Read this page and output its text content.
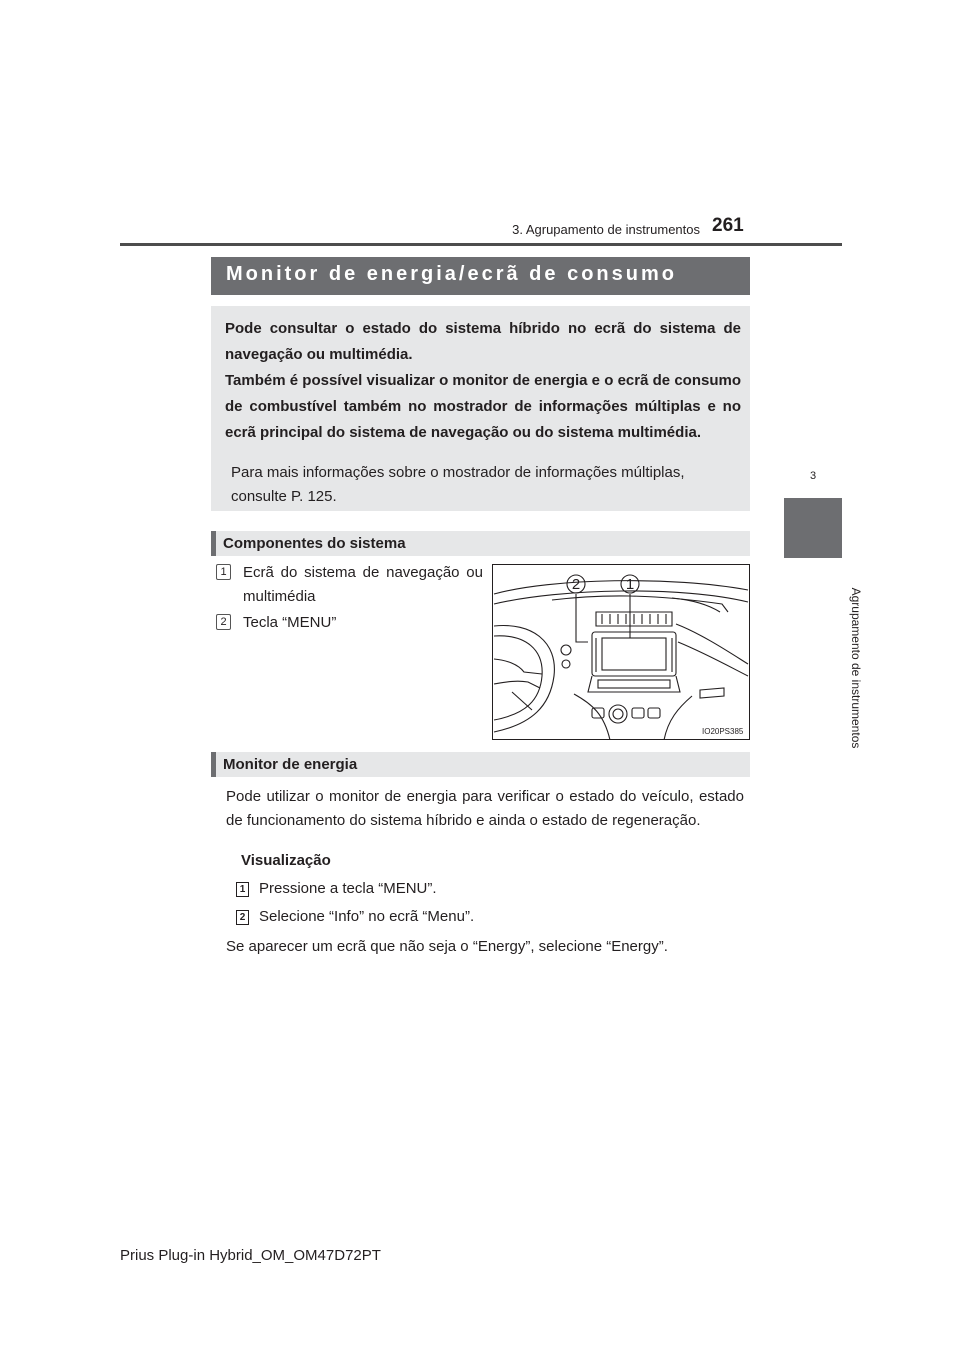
3. Agrupamento de instrumentos 261
3
Agrupamento de instrumentos
Monitor de energia/ecrã de consumo
Pode consultar o estado do sistema híbrido no ecrã do sistema de navegação ou multimédia.
Também é possível visualizar o monitor de energia e o ecrã de consumo de combustível também no mostrador de informações múltiplas e no ecrã principal do sistema de navegação ou do sistema multimédia.
Para mais informações sobre o mostrador de informações múltiplas, consulte P. 125.
Componentes do sistema
1 Ecrã do sistema de navegação ou multimédia
2 Tecla “MENU”
2	1
IO20PS385
Monitor de energia
Pode utilizar o monitor de energia para verificar o estado do veículo, estado de funcionamento do sistema híbrido e ainda o estado de regeneração.
Visualização
1 Pressione a tecla “MENU”.
2 Selecione “Info” no ecrã “Menu”.
Se aparecer um ecrã que não seja o “Energy”, selecione “Energy”.
Prius Plug-in Hybrid_OM_OM47D72PT
